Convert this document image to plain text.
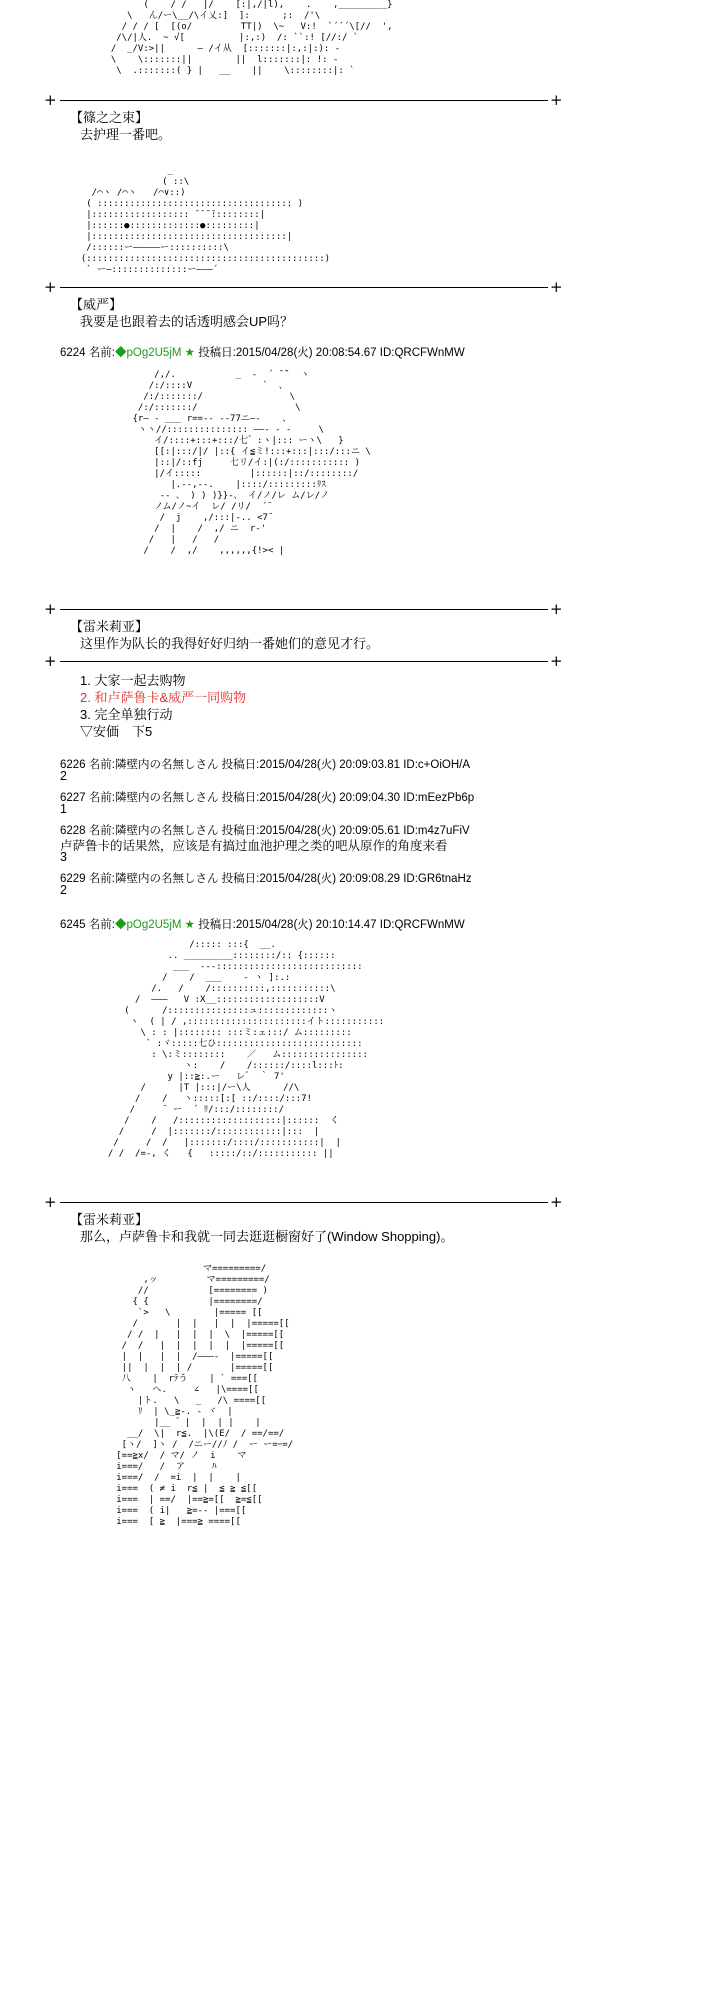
(    / /   |/    [:|,/|l),    .    ,_________}
\   ん/ー\__/\イ乂:]  ]:      ;:  /'\
/ / / [  [(o/         TT|)  \~   V:!  `´´´\[//  ',
/\/|人.  ~ √[          |:,:)  /: ``:! [//:/ `
/  _/V:>||      ― /イ从  [:::::::|:,:|:): -
\    \:::::::||        ||  l:::::::|: !: -
\  .:::::::( } |   __    ||    \::::::::|: `
+	+
【篠之之束】
去护理一番吧。
_
( ::\
/⌒ヽ /⌒ヽ   /⌒∨::)
( :::::::::::::::::::::::::::::::::::: )
|:::::::::::::::::: ̄ ̄ ̄ ̄:::::::::|
|::::::●:::::::::::::●:::::::::|
|::::::::::::::::::::::::::::::::::::|
/::::::ー―――――ー::::::::::\
(::::::::::::::::::::::::::::::::::::::::::::)
` ー―::::::::::::::ー―――´
+	+
【威严】
我要是也跟着去的话透明感会UP吗？
6224 名前:◆pOg2U5jM ★ 投稿日:2015/04/28(火) 20:08:54.67 ID:QRCFWnMW
/,/.           _  -  ´ ̄ ̄`  ヽ
/:/::::V             `  、
/:/:::::::/                \
/:/:::::::/                  \
{r― - ___ r==‐- ‐‐77ニ―-    、
ヽヽ//::::::::::::::: ――- - -     \
イ/::::+:::+:::/七゛:ヽ|::: ーヽ\   }
[[:|:::/|/ |::{ イ≦ミ!:::+:::|:::/:::ニ \
|::|/::fj     七リ/イ:|(:/::::::::::: )
|/イ:::::         |::::::|::/::::::::/
|.--,--.    |::::/:::::::::ﾘｽ
-- 、 ) ) )}}-、 イ/ノ/レ ム/レ/ノ
ノム/ノ~イ  レ/ /リ/  ´¨
/  j    ,/:::|-.. <7¨
/  |    /  ,/ ニ  r-'
/   |   /   /
/    /  ,/    ,,,,,,{!>< |
+	+
【雷米莉亚】
这里作为队长的我得好好归纳一番她们的意见才行。
+	+
1. 大家一起去购物
2. 和卢萨鲁卡&威严一同购物
3. 完全单独行动
▽安価　下5
6226 名前:隣壁内の名無しさん 投稿日:2015/04/28(火) 20:09:03.81 ID:c+OiOH/A
2
6227 名前:隣壁内の名無しさん 投稿日:2015/04/28(火) 20:09:04.30 ID:mEezPb6p
1
6228 名前:隣壁内の名無しさん 投稿日:2015/04/28(火) 20:09:05.61 ID:m4z7uFiV
卢萨鲁卡的话果然，应该是有搞过血池护理之类的吧从原作的角度来看
3
6229 名前:隣壁内の名無しさん 投稿日:2015/04/28(火) 20:09:08.29 ID:GR6tnaHz
2
6245 名前:◆pOg2U5jM ★ 投稿日:2015/04/28(火) 20:10:14.47 ID:QRCFWnMW
/::::: :::{  __.
.. _________::::::::/:: {::::::
___  --‐:::::::::::::::::::::::::::
/    /  ___    ‐ ヽ ]:.:
/.   /    /::::::::::,:::::::::::\
/  ―――   V :X__:::::::::::::::::::V
(      /:::::::::::::::ュ:::::::::::::ヽ
ヽ  ( | / ,::::::::::::::::::::::イト:::::::::::
\ : : |:::::::: :::ミ:ェ:::/ ム:::::::::
` :ヾ:::::七ひ:::::::::::::::::::::::::::
: \:ミ::::::::    ／   ム::::::::::::::::
ヽ:    /    /::::::/::::l:::ﾄ:
y |::≧:.ー   レ゛ ｀ 7'
/      |T |:::|/ー\人      //\
/    /   ヽ:::::[:[ ::/::::/:::7!
/     ¨ ー  ´ ﾘ/:::/::::::::/
/    /   /:::::::::::::::::::|::::::  く
/     /  |:::::::/::::::::::::|:::  |
/     /  /   |:::::::/::::/:::::::::::|  |
/ /  /=‐, く   {   :::::/::/::::::::::: ||
+	+
【雷米莉亚】
那么，卢萨鲁卡和我就一同去逛逛橱窗好了(Window Shopping)。
マ=========/
,ッ         マ=========/
//           [======== )
{ {           |========/
`>   \        |===== [[
/       |  |   |  |  |=====[[
/ /  |   |  |  |  \  |=====[[
/  /   |  |  |  |  |  |=====[[
|  |   |  |  /―――-  |=====[[
||  |  |  | /       |=====[[
八    |  rﾃう    | ` ===[[
ヽ   ヘ.     ∠   |\====[[
|ト.   \   _   /\ ====[[
ﾘ  | \_≧-. - ヾ  |
|__ ゛|  |  | |    |
__/  \|  r≦.  |\(E/  / ==/==/
[ヽ/  ]ヽ /  /ニー//ﾉ /  ー ー=ｰ=/
[==≧x/  / マ/ ノ  i    マ
i===/   /  ア     ﾊ
i===/  /  =i  |  |    |
i===  ( ≠ i  r≦ |  ≦ ≧ ≦[[
i===  | ==/  |==≧=[[  ≧=≦[[
i===  ( i|   ≧=-- |===[[
i===  [ ≧  |===≧ ====[[
